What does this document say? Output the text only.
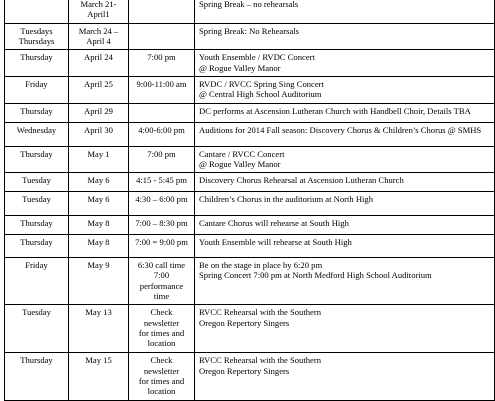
	March 21-
April1		Spring Break – no rehearsals

Tuesdays
Thursdays	March 24 –
April 4		Spring Break: No Rehearsals

Thursday	April 24	7:00 pm	Youth Ensemble / RVDC Concert
@ Rogue Valley Manor

Friday	April 25	9:00-11:00 am	RVDC / RVCC Spring Sing Concert
@ Central High School Auditorium

Thursday	April 29		DC performs at Ascension Lutheran Church with Handbell Choir, Details TBA

Wednesday	April 30	4:00-6:00 pm	Auditions for 2014 Fall season: Discovery Chorus & Children’s Chorus @ SMHS

Thursday	May 1	7:00 pm	Cantare / RVCC Concert
@ Rogue Valley Manor

Tuesday	May 6	4:15 - 5:45 pm	Discovery Chorus Rehearsal at Ascension Lutheran Church

Tuesday	May 6	4:30 – 6:00 pm	Children’s Chorus in the auditorium at North High

Thursday	May 8	7:00 – 8:30 pm	Cantare Chorus will rehearse at South High

Thursday	May 8	7:00 = 9:00 pm	Youth Ensemble will rehearse at South High

Friday	May 9	6:30 call time
7:00
performance
time	Be on the stage in place by 6:20 pm
Spring Concert 7:00 pm at North Medford High School Auditorium

Tuesday	May 13	Check
newsletter
for times and
location	RVCC Rehearsal with the Southern
Oregon Repertory Singers

Thursday	May 15	Check
newsletter
for times and
location	RVCC Rehearsal with the Southern
Oregon Repertory Singers
